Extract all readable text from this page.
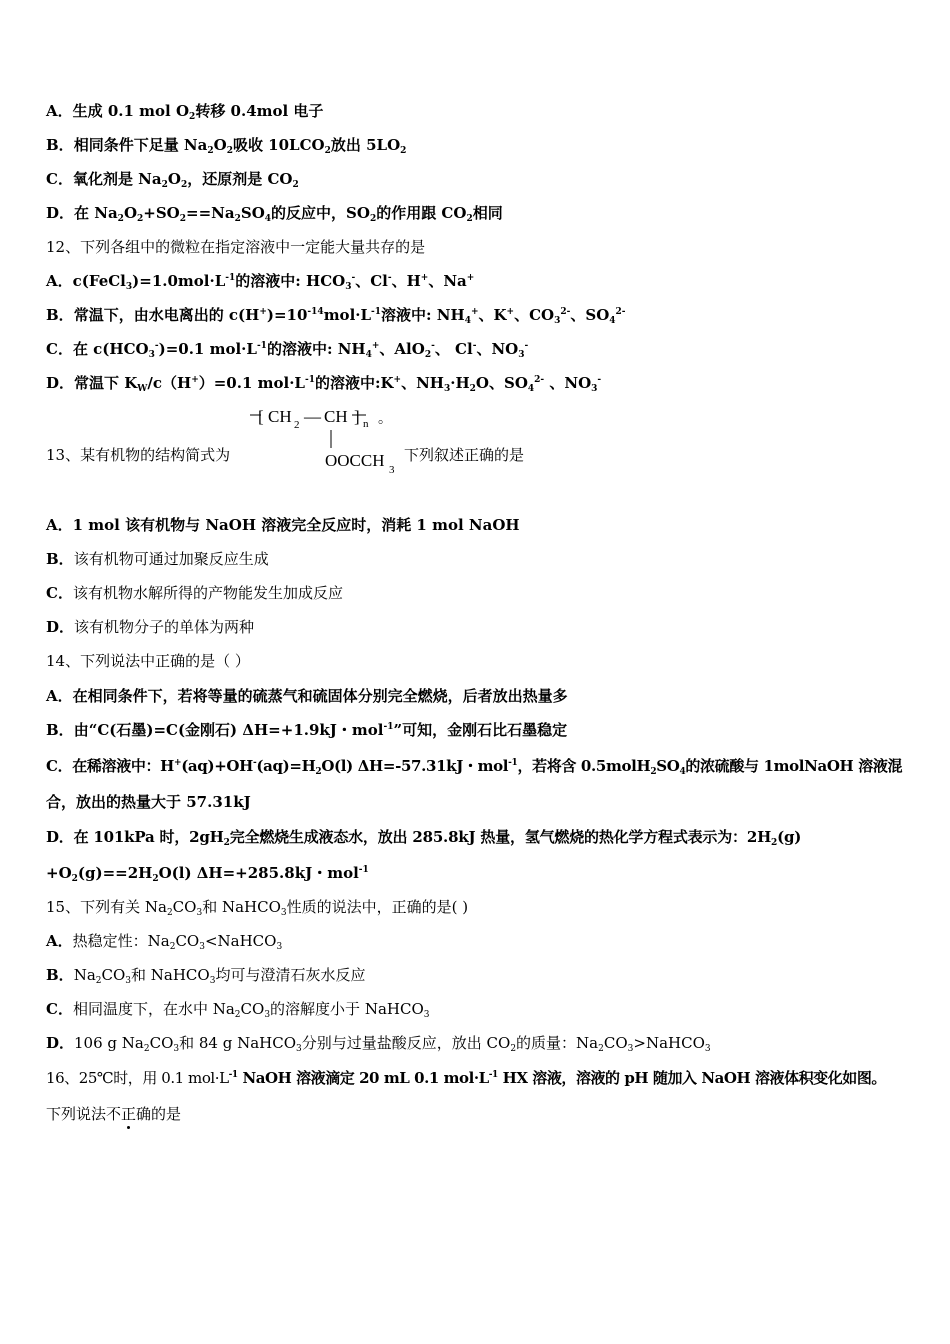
A．生成 0.1 mol $O_2$转移 0.4mol 电子
B．相同条件下足量 $Na_2O_2$吸收 $10LCO_2$放出 $5LO_2$
C．氧化剂是 $Na_2O_2$，还原剂是 $CO_2$
D．在 $Na_2O_2+SO_2==Na_2SO_4$的反应中，$SO_2$的作用跟 $CO_2$相同
12、下列各组中的微粒在指定溶液中一定能大量共存的是
A．$c(FeCl_3)=1.0mol\cdot L^{-1}$的溶液中: $HCO_3^-$、Cl-、H+、Na+
B．常温下，由水电离出的 $c(H^+)=10^{-14}mol\cdot L^{-1}$溶液中: $NH_4^+$、K+、$CO_3^{2-}$、$SO_4^{2-}$
C．在 $c(HCO_3^-)=0.1$ $mol\cdot L^{-1}$的溶液中: $NH_4^+$、AlO$_2$-、 Cl-、$NO_3^-$
D．常温下 $K_W/c(H^+)=0.1$ $mol\cdot L^{-1}$的溶液中:K+、$NH_3\cdot H_2O$、$SO_4^{2-}$ 、$NO_3^-$
13、某有机物的结构简式为
[ CH 2 — CH ] n 。
OOCCH 3
下列叙述正确的是
A．1 mol 该有机物与 NaOH 溶液完全反应时，消耗 1 mol NaOH
B．该有机物可通过加聚反应生成
C．该有机物水解所得的产物能发生加成反应
D．该有机物分子的单体为两种
14、下列说法中正确的是（ ）
A．在相同条件下，若将等量的硫蒸气和硫固体分别完全燃烧，后者放出热量多
B．由“C(石墨)=C(金刚石) ΔH=+1.9kJ・mol$^{-1}$”可知，金刚石比石墨稳定
C．在稀溶液中：$H^+(aq)+OH^-(aq)=H_2O(l)$ ΔH=-57.31kJ・mol$^{-1}$，若将含 $0.5molH_2SO_4$的浓硫酸与 1molNaOH 溶液混
合，放出的热量大于 57.31kJ
D．在 101kPa 时，$2gH_2$完全燃烧生成液态水，放出 285.8kJ 热量，氢气燃烧的热化学方程式表示为：$2H_2(g)$
$+O_2(g)==2H_2O(l)$ ΔH=+285.8kJ・mol$^{-1}$
15、下列有关 $Na_2CO_3$和 NaHCO$_3$性质的说法中，正确的是( )
A．热稳定性：$Na_2CO_3<NaHCO_3$
B．$Na_2CO_3$和 NaHCO$_3$均可与澄清石灰水反应
C．相同温度下，在水中 $Na_2CO_3$的溶解度小于 NaHCO$_3$
D．106 g $Na_2CO_3$和 84 g NaHCO$_3$分别与过量盐酸反应，放出 $CO_2$的质量：$Na_2CO_3>NaHCO_3$
16、25℃时，用 0.1 $mol\cdot L^{-1}$ NaOH 溶液滴定 20 mL 0.1 $mol\cdot L^{-1}$ HX 溶液，溶液的 pH 随加入 NaOH 溶液体积变化如图。
下列说法不正确的是
